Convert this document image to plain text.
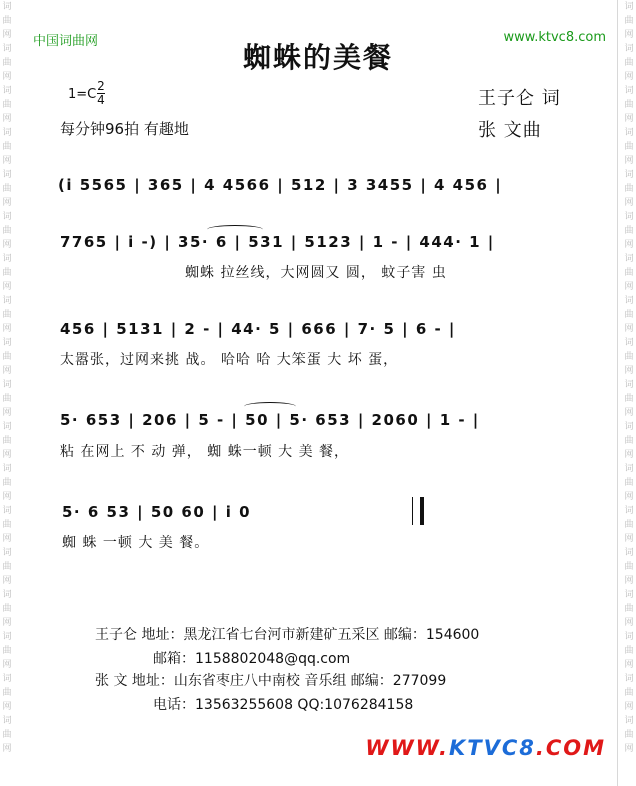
词曲网词曲网词曲网词曲网词曲网词曲网词曲网词曲网词曲网词曲网词曲网词曲网词曲网词曲网词曲网词曲网词曲网词曲网
词曲网词曲网词曲网词曲网词曲网词曲网词曲网词曲网词曲网词曲网词曲网词曲网词曲网词曲网词曲网词曲网词曲网词曲网
中国词曲网	www.ktvc8.com
蜘蛛的美餐
1=C
2
4
每分钟96拍 有趣地
王子仑 词
张 文曲
(i 5565 | 365 | 4 4566 | 512 | 3 3455 | 4 456 |
7765 | i -) | 35· 6 | 531 | 5123 | 1 - | 444· 1 |
蜘蛛 拉丝线，大网圆又 圆， 蚊子害 虫
456 | 5131 | 2 - | 44· 5 | 666 | 7· 5 | 6 - |
太嚣张，过网来挑 战。 哈哈 哈 大笨蛋 大 坏 蛋，
5· 653 | 206 | 5 - | 50 | 5· 653 | 2060 | 1 - |
粘 在网上 不 动 弹， 蜘 蛛一顿 大 美 餐，
5· 6 53 | 50 60 | i 0
蜘 蛛 一顿 大 美 餐。
王子仑 地址：黑龙江省七台河市新建矿五采区 邮编：154600
邮箱：1158802048@qq.com
张 文 地址：山东省枣庄八中南校 音乐组 邮编：277099
电话：13563255608 QQ:1076284158
WWW.KTVC8.COM
